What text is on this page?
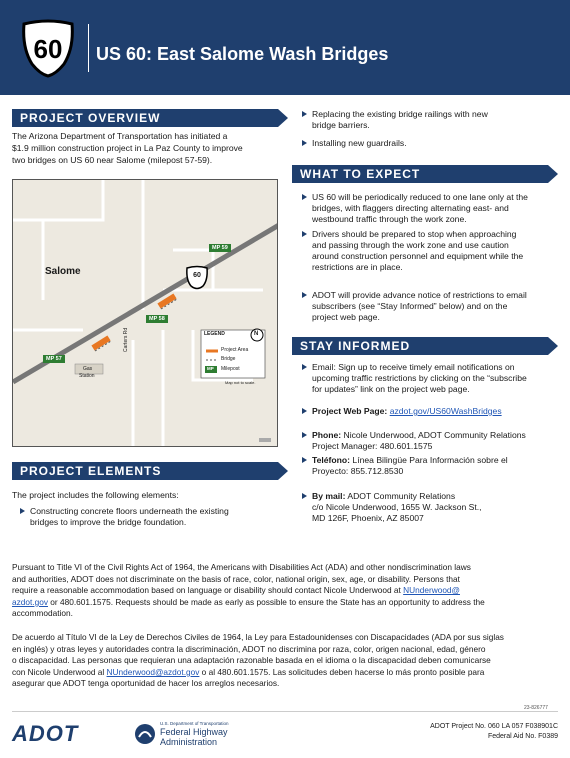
60 US 60: East Salome Wash Bridges
PROJECT OVERVIEW
The Arizona Department of Transportation has initiated a
$1.9 million construction project in La Paz County to improve
two bridges on US 60 near Salome (milepost 57-59).
Salome	60
MP 59
MP 58
MP 57
Carters Rd
Gas
Station
LEGEND	N
Project Area
Bridge
MP Milepost
Map not to scale.
PROJECT ELEMENTS
The project includes the following elements:
Constructing concrete floors underneath the existing
bridges to improve the bridge foundation.
Replacing the existing bridge railings with new
bridge barriers.
Installing new guardrails.
WHAT TO EXPECT
US 60 will be periodically reduced to one lane only at the
bridges, with flaggers directing alternating east- and
westbound traffic through the work zone.
Drivers should be prepared to stop when approaching
and passing through the work zone and use caution
around construction personnel and equipment while the
restrictions are in place.
ADOT will provide advance notice of restrictions to email
subscribers (see “Stay Informed” below) and on the
project web page.
STAY INFORMED
Email: Sign up to receive timely email notifications on
upcoming traffic restrictions by clicking on the “subscribe
for updates” link on the project web page.
Project Web Page: azdot.gov/US60WashBridges
Phone: Nicole Underwood, ADOT Community Relations
Project Manager: 480.601.1575
Teléfono: Línea Bilingüe Para Información sobre el
Proyecto: 855.712.8530
By mail: ADOT Community Relations
c/o Nicole Underwood, 1655 W. Jackson St.,
MD 126F, Phoenix, AZ 85007
Pursuant to Title VI of the Civil Rights Act of 1964, the Americans with Disabilities Act (ADA) and other nondiscrimination laws
and authorities, ADOT does not discriminate on the basis of race, color, national origin, sex, age, or disability. Persons that
require a reasonable accommodation based on language or disability should contact Nicole Underwood at NUnderwood@
azdot.gov or 480.601.1575. Requests should be made as early as possible to ensure the State has an opportunity to address the
accommodation.
De acuerdo al Título VI de la Ley de Derechos Civiles de 1964, la Ley para Estadounidenses con Discapacidades (ADA por sus siglas
en inglés) y otras leyes y autoridades contra la discriminación, ADOT no discrimina por raza, color, origen nacional, edad, género
o discapacidad. Las personas que requieran una adaptación razonable basada en el idioma o la discapacidad deben comunicarse
con Nicole Underwood al NUnderwood@azdot.gov o al 480.601.1575. Las solicitudes deben hacerse lo más pronto posible para
asegurar que ADOT tenga oportunidad de hacer los arreglos necesarios.
23-826777
ADOT	U.S. Department of Transportation
Federal Highway
Administration
ADOT Project No. 060 LA 057 F038901C
Federal Aid No. F0389
